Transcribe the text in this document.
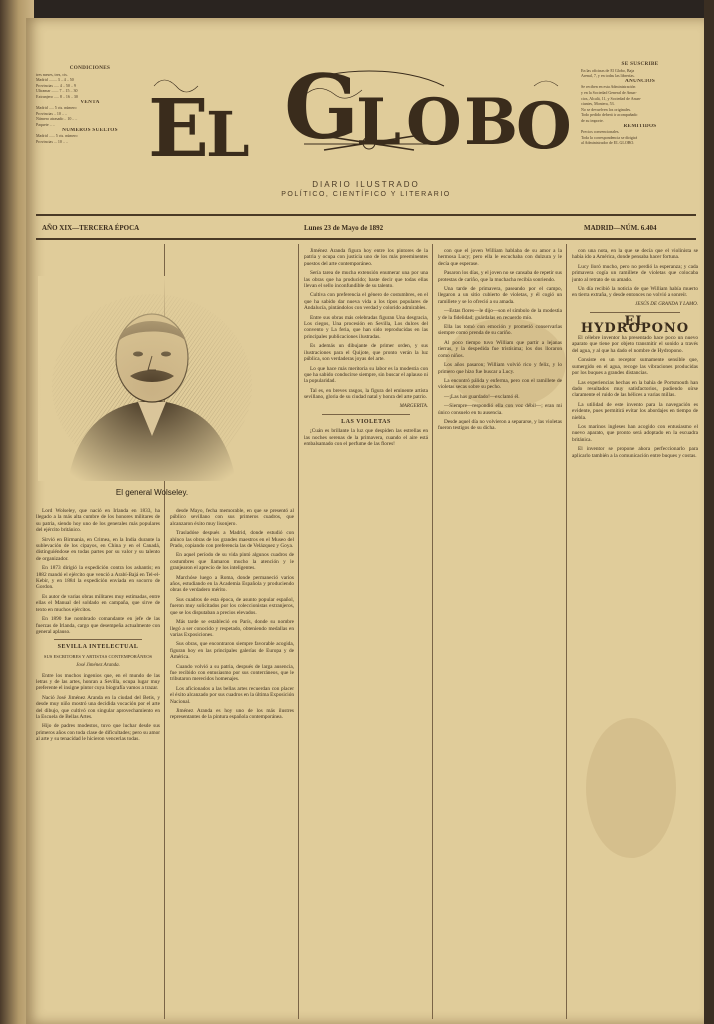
CONDICIONES
tres meses, tres, cts.
Madrid ........ 3 .. 4 .. 50
Provincias ..... 4 .. 50 .. 9
Ultramar ....... 7 .. 15 .. 30
Extranjero ..... 8 .. 16 .. 30
VENTA
Madrid ..... 5 cts. número
Provincias .. 10 .. ..
Número atrasado .. 10 .. ..
Paquete .. ..
NÚMEROS SUELTOS
Madrid ...... 5 cts. número
Provincias ... 10 .. ..	E
L G
L O B
O
DIARIO ILUSTRADO
POLÍTICO, CIENTÍFICO Y LITERARIO
SE SUSCRIBE
En las oficinas de El Globo, Baja
Arenal, 7, y en todas las librerías.
ANUNCIOS
Se reciben en esta Administración
y en la Sociedad General de Anun-
cios, Alcalá, 11, y Sociedad de Anun-
ciantes, Montera, 53.
No se devuelven los originales.
Todo pedido deberá ir acompañado
de su importe.
REMITIDOS
Precios convencionales.
Toda la correspondencia se dirigirá
al Administrador de EL GLOBO.
AÑO XIX—TERCERA ÉPOCA	Lunes 23 de Mayo de 1892	MADRID—NÚM. 6.404
El general Wolseley.

Lord Wolseley, que nació en Irlanda en 1833, ha llegado a la más alta cumbre de los honores militares de su patria, siendo hoy uno de los generales más populares del ejército británico.

Sirvió en Birmania, en Crimea, en la India durante la sublevación de los cipayos, en China y en el Canadá, distinguiéndose en todas partes por su valor y su talento de organizador.

En 1873 dirigió la expedición contra los ashantis; en 1882 mandó el ejército que venció a Arabí-Bajá en Tel-el-Kebir, y en 1884 la expedición enviada en socorro de Gordon.

Es autor de varias obras militares muy estimadas, entre ellas el Manual del soldado en campaña, que sirve de texto en muchos ejércitos.

En 1890 fue nombrado comandante en jefe de las fuerzas de Irlanda, cargo que desempeña actualmente con general aplauso.

SEVILLA INTELECTUAL

SUS ESCRITORES Y ARTISTAS CONTEMPORÁNEOS

José Jiménez Aranda.

Entre los muchos ingenios que, en el mundo de las letras y de las artes, honran a Sevilla, ocupa lugar muy preferente el insigne pintor cuya biografía vamos a trazar.

Nació José Jiménez Aranda en la ciudad del Betis, y desde muy niño mostró una decidida vocación por el arte del dibujo, que cultivó con singular aprovechamiento en la Escuela de Bellas Artes.

Hijo de padres modestos, tuvo que luchar desde sus primeros años con toda clase de dificultades; pero su amor al arte y su tenacidad le hicieron vencerlas todas.

desde Mayo, fecha memorable, en que se presentó al público sevillano con sus primeros cuadros, que alcanzaron éxito muy lisonjero.

Trasladóse después a Madrid, donde estudió con ahínco las obras de los grandes maestros en el Museo del Prado, copiando con preferencia las de Velázquez y Goya.

En aquel período de su vida pintó algunos cuadros de costumbres que llamaron mucho la atención y le granjearon el aprecio de los inteligentes.

Marchóse luego a Roma, donde permaneció varios años, estudiando en la Academia Española y produciendo obras de verdadero mérito.

Sus cuadros de esta época, de asunto popular español, fueron muy solicitados por los coleccionistas extranjeros, que se los disputaban a precios elevados.

Más tarde se estableció en París, donde su nombre llegó a ser conocido y respetado, obteniendo medallas en varias Exposiciones.

Sus obras, que encontraron siempre favorable acogida, figuran hoy en las principales galerías de Europa y de América.

Cuando volvió a su patria, después de larga ausencia, fue recibido con entusiasmo por sus conterráneos, que le tributaron merecidos homenajes.

Los aficionados a las bellas artes recuerdan con placer el éxito alcanzado por sus cuadros en la última Exposición Nacional.

Jiménez Aranda es hoy uno de los más ilustres representantes de la pintura española contemporánea.

Jiménez Aranda figura hoy entre los pintores de la patria y ocupa con justicia uno de los más preeminentes puestos del arte contemporáneo.

Sería tarea de mucha extensión enumerar una por una las obras que ha producido; baste decir que todas ellas llevan el sello inconfundible de su talento.

Cultiva con preferencia el género de costumbres, en el que ha sabido dar nueva vida a los tipos populares de Andalucía, pintándolos con verdad y colorido admirables.

Entre sus obras más celebradas figuran Una desgracia, Los ciegos, Una procesión en Sevilla, Los dulces del convento y La feria, que han sido reproducidas en las principales publicaciones ilustradas.

Es además un dibujante de primer orden, y sus ilustraciones para el Quijote, que pronto verán la luz pública, son verdaderas joyas del arte.

Lo que hace más meritoria su labor es la modestia con que ha sabido conducirse siempre, sin buscar el aplauso ni la popularidad.

Tal es, en breves rasgos, la figura del eminente artista sevillano, gloria de su ciudad natal y honra del arte patrio.

MARGERITA.

LAS VIOLETAS

¡Cuán es brillante la luz que despiden las estrellas en las noches serenas de la primavera, cuando el aire está embalsamado con el perfume de las flores!

con que el joven William hablaba de su amor a la hermosa Lucy; pero ella le escuchaba con dulzura y le decía que esperase.

Pasaron los días, y el joven no se cansaba de repetir sus protestas de cariño, que la muchacha recibía sonriendo.

Una tarde de primavera, paseando por el campo, llegaron a un sitio cubierto de violetas, y él cogió un ramillete y se lo ofreció a su amada.

—Estas flores—le dijo—son el símbolo de la modestia y de la fidelidad; guárdalas en recuerdo mío.

Ella las tomó con emoción y prometió conservarlas siempre como prenda de su cariño.

Al poco tiempo tuvo William que partir a lejanas tierras, y la despedida fue tristísima; los dos lloraron como niños.

Los años pasaron; William volvió rico y feliz, y lo primero que hizo fue buscar a Lucy.

La encontró pálida y enferma, pero con el ramillete de violetas secas sobre su pecho.

—¡Las has guardado!—exclamó él.

—Siempre—respondió ella con voz débil—; eran mi único consuelo en tu ausencia.

Desde aquel día no volvieron a separarse, y las violetas fueron testigos de su dicha.

con una nota, en la que se decía que el violinista se había ido a América, donde pensaba hacer fortuna.

Lucy lloró mucho, pero no perdió la esperanza; y cada primavera cogía un ramillete de violetas que colocaba junto al retrato de su amado.

Un día recibió la noticia de que William había muerto en tierra extraña, y desde entonces no volvió a sonreír.

JESÚS DE GRANDA Y LAMO.

EL HYDROPONO

El célebre inventor ha presentado hace poco un nuevo aparato que tiene por objeto transmitir el sonido a través del agua, y al que ha dado el nombre de Hydropono.

Consiste en un receptor sumamente sensible que, sumergido en el agua, recoge las vibraciones producidas por los buques a grandes distancias.

Las experiencias hechas en la bahía de Portsmouth han dado resultados muy satisfactorios, pudiendo oírse claramente el ruido de las hélices a varias millas.

La utilidad de este invento para la navegación es evidente, pues permitirá evitar los abordajes en tiempo de niebla.

Los marinos ingleses han acogido con entusiasmo el nuevo aparato, que pronto será adoptado en la escuadra británica.

El inventor se propone ahora perfeccionarlo para aplicarlo también a la comunicación entre buques y costas.
